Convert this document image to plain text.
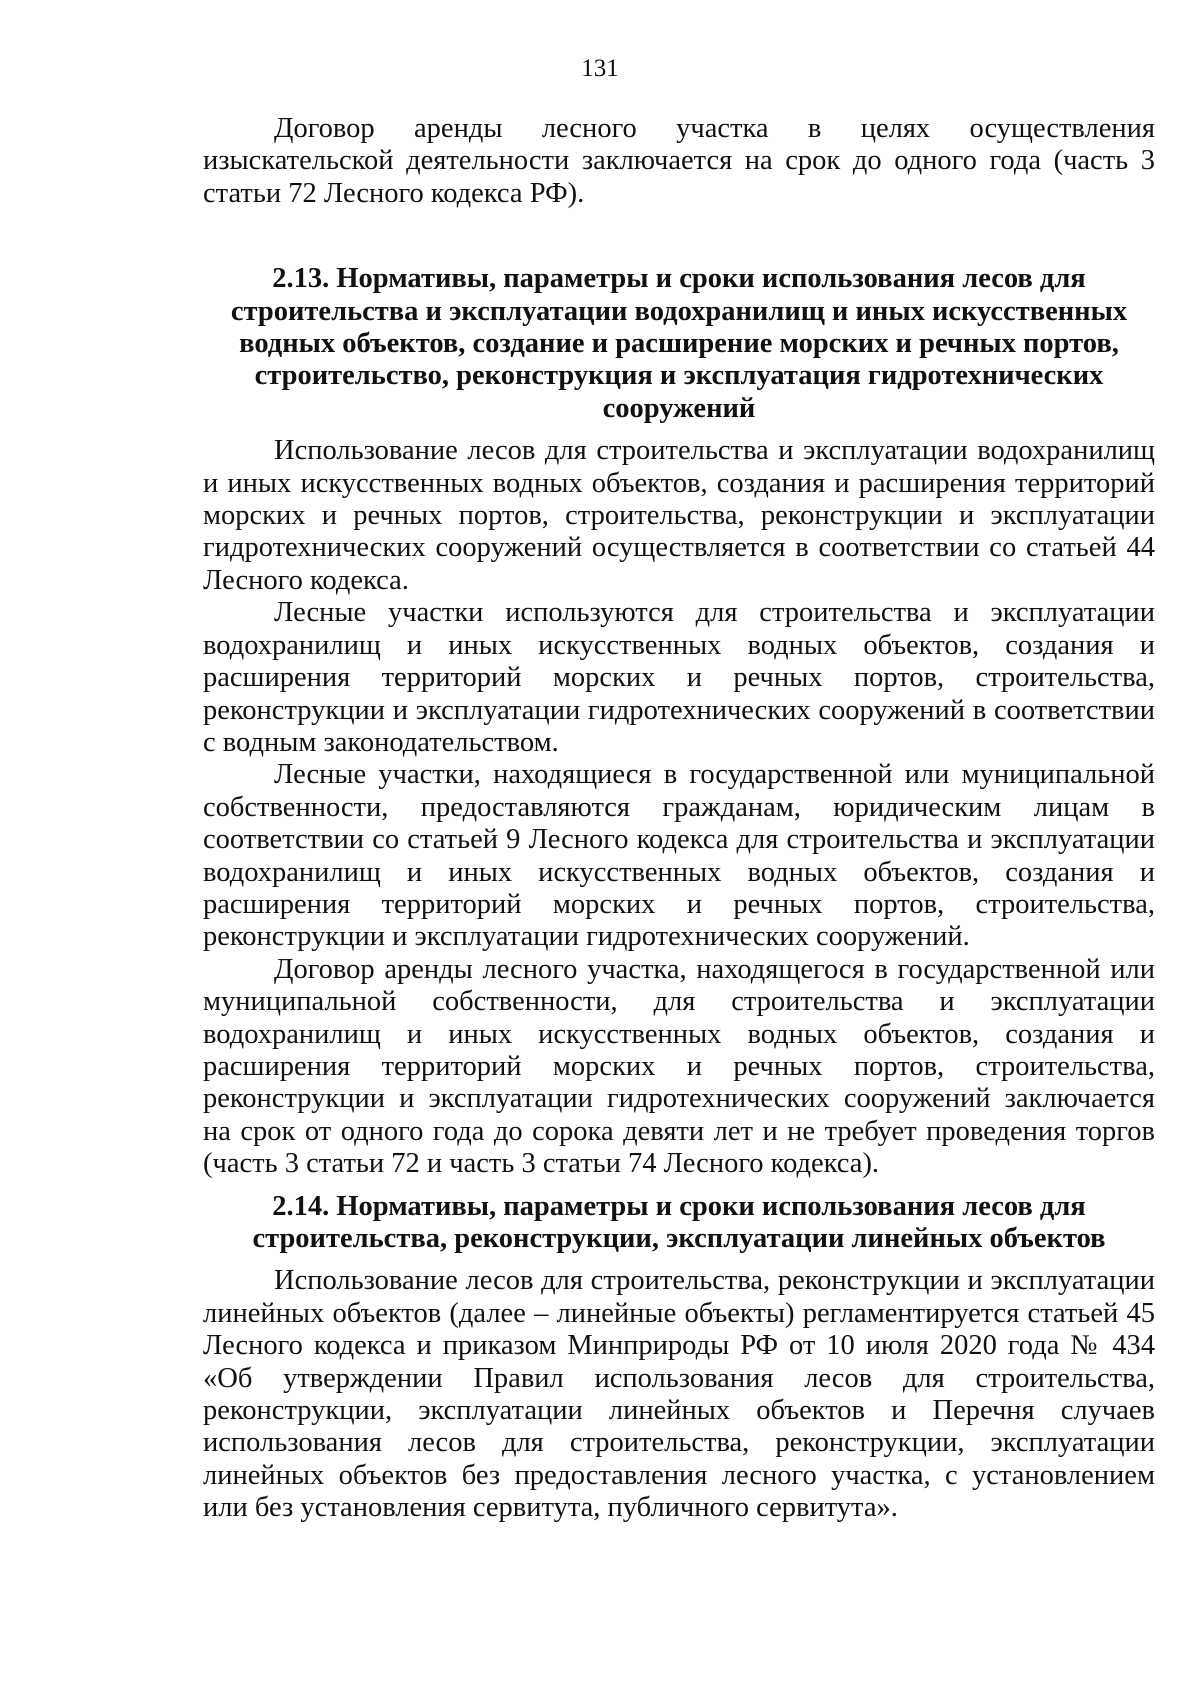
131

Договор аренды лесного участка в целях осуществления изыскательской деятельности заключается на срок до одного года (часть 3 статьи 72 Лесного кодекса РФ).

2.13. Нормативы, параметры и сроки использования лесов для строительства и эксплуатации водохранилищ и иных искусственных водных объектов, создание и расширение морских и речных портов, строительство, реконструкция и эксплуатация гидротехнических сооружений

Использование лесов для строительства и эксплуатации водохранилищ и иных искусственных водных объектов, создания и расширения территорий морских и речных портов, строительства, реконструкции и эксплуатации гидротехнических сооружений осуществляется в соответствии со статьей 44 Лесного кодекса.

Лесные участки используются для строительства и эксплуатации водохранилищ и иных искусственных водных объектов, создания и расширения территорий морских и речных портов, строительства, реконструкции и эксплуатации гидротехнических сооружений в соответствии с водным законодательством.

Лесные участки, находящиеся в государственной или муниципальной собственности, предоставляются гражданам, юридическим лицам в соответствии со статьей 9 Лесного кодекса для строительства и эксплуатации водохранилищ и иных искусственных водных объектов, создания и расширения территорий морских и речных портов, строительства, реконструкции и эксплуатации гидротехнических сооружений.

Договор аренды лесного участка, находящегося в государственной или муниципальной собственности, для строительства и эксплуатации водохранилищ и иных искусственных водных объектов, создания и расширения территорий морских и речных портов, строительства, реконструкции и эксплуатации гидротехнических сооружений заключается на срок от одного года до сорока девяти лет и не требует проведения торгов (часть 3 статьи 72 и часть 3 статьи 74 Лесного кодекса).

2.14. Нормативы, параметры и сроки использования лесов для строительства, реконструкции, эксплуатации линейных объектов

Использование лесов для строительства, реконструкции и эксплуатации линейных объектов (далее – линейные объекты) регламентируется статьей 45 Лесного кодекса и приказом Минприроды РФ от 10 июля 2020 года № 434 «Об утверждении Правил использования лесов для строительства, реконструкции, эксплуатации линейных объектов и Перечня случаев использования лесов для строительства, реконструкции, эксплуатации линейных объектов без предоставления лесного участка, с установлением или без установления сервитута, публичного сервитута».
